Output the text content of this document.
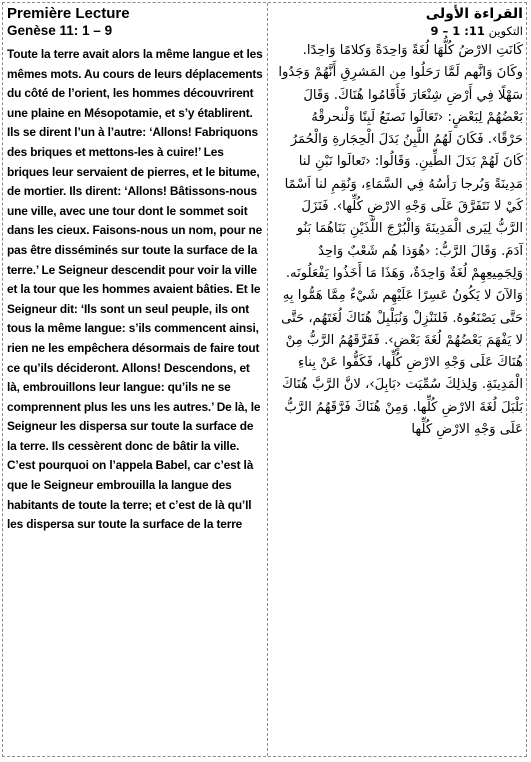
Première Lecture

Genèse 11: 1 – 9

Toute la terre avait alors la même langue et les mêmes mots. Au cours de leurs déplacements du côté de l’orient, les hommes découvrirent une plaine en Mésopotamie, et s’y établirent. Ils se dirent l’un à l’autre: ‘Allons! Fabriquons des briques et mettons-les à cuire!’ Les briques leur servaient de pierres, et le bitume, de mortier. Ils dirent: ‘Allons! Bâtissons-nous une ville, avec une tour dont le sommet soit dans les cieux. Faisons-nous un nom, pour ne pas être disséminés sur toute la surface de la terre.’ Le Seigneur descendit pour voir la ville et la tour que les hommes avaient bâties. Et le Seigneur dit: ‘Ils sont un seul peuple, ils ont tous la même langue: s’ils commencent ainsi, rien ne les empêchera désormais de faire tout ce qu’ils décideront. Allons! Descendons, et là, embrouillons leur langue: qu’ils ne se comprennent plus les uns les autres.’ De là, le Seigneur les dispersa sur toute la surface de la terre. Ils cessèrent donc de bâtir la ville. C’est pourquoi on l’appela Babel, car c’est là que le Seigneur embrouilla la langue des habitants de toute la terre; et c’est de là qu’Il les dispersa sur toute la surface de la terre

القراءة الأولى

التكوين 11: 1 – 9

كَانَتِ الارْضُ كُلُّهَا لُغَةً وَاحِدَةً وَكلامًا وَاحِدًا. وكَانَ وَانَّهم لَمَّا رَحَلُوا مِن المَشرِقِ أَنَّهُمْ وَجَدُوا سَهْلًا فِي أَرْضِ شِنْعَارَ فَأَقَامُوا هُنَاكَ. وَقَالَ بَعْضُهُمْ لِبَعْضٍ: ‹تَعَالَوا نَصنَعُ لَبِنًا وَلْنحرقْهُ حَرْقًا›. فَكَانَ لَهُمُ اللَّبِنُ بَدَلَ الْحِجَارةِ وَالْحُمَرُ كَانَ لَهُمْ بَدَلَ الطِّينِ. وَقَالُوا: ‹تَعالَوا نَبْنِ لنا مَدِينَةً وَبُرجا رَأسُهُ فِي السَّمَاءِ، وَنُقِمِ لنا اَسْمًا كَيْ لا نَتَفَرَّقَ عَلَى وَجْهِ الارْضِ كُلِّها›. فَنَزَلَ الرَّبُّ لِيَرى الْمَدِينَةَ وَالْبُرْجَ اللَّذَيْنِ بَنَاهُمَا بَنُو آدَمَ. وَقَالَ الرَّبُّ: ‹هُوَذا هُم شَعْبٌ وَاحِدٌ وَلِجَمِيعِهِمْ لُغَةٌ وَاحِدَةٌ، وَهَذَا مَا أَخَذُوا يَفْعَلُونَه. وَالآنَ لا يَكُونُ عَسِرًا عَلَيْهِم شَيْءٌ مِمَّا هَمُّوا بِهِ حَتَّى يَصْنَعُوهُ. فَلنَنْزِلْ وَنُبَلْبِلْ هُنَاكَ لُغَتَهُم، حَتَّى لا يَفْهَمَ بَعْضُهُمْ لُغَةَ بَعْضٍ›. فَفَرَّقَهُمُ الرَّبُّ مِنْ هُنَاكَ عَلَى وَجْهِ الارْضِ كُلِّها، فَكَفُّوا عَنْ بِناءِ الْمَدِينَةِ. وَلِذلِكَ سُمِّيَت ‹بَابِلَ›، لانَّ الرَّبَّ هُنَاكَ بَلْبَلَ لُغَةَ الارْضِ كُلِّها. وَمِنْ هُنَاكَ فَرَّقَهُمُ الرَّبُّ عَلَى وَجْهِ الارْضِ كُلِّها
